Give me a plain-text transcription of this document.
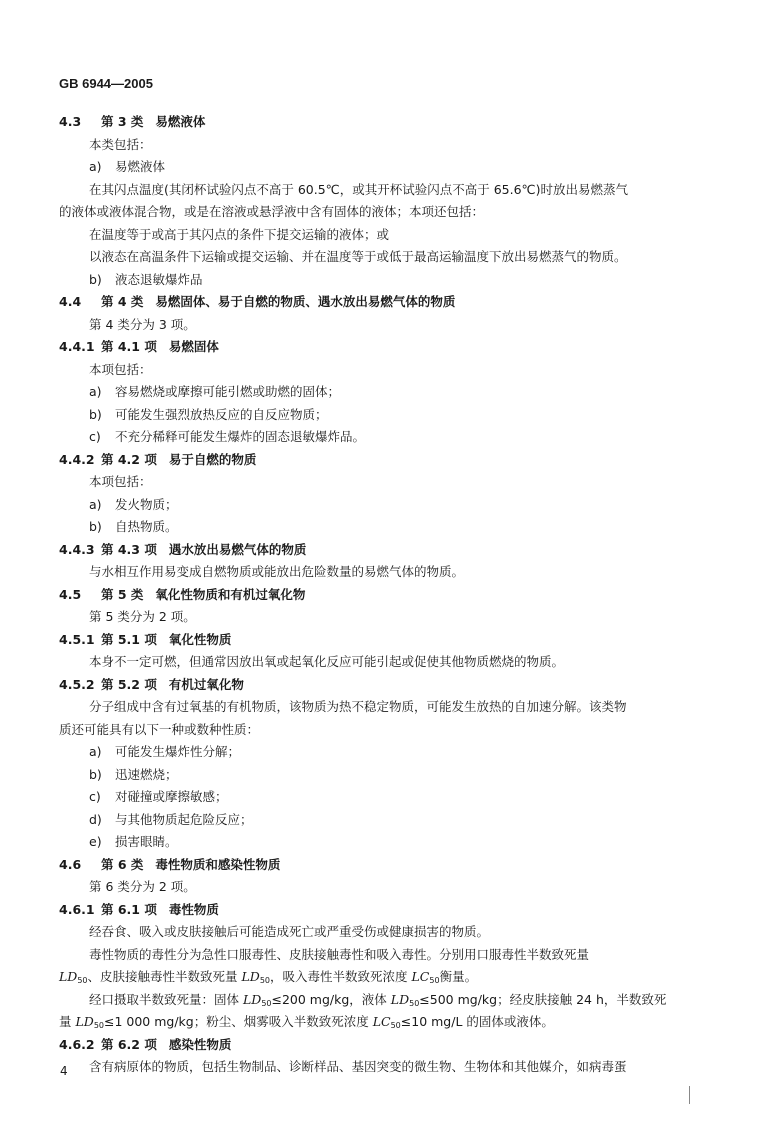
GB 6944—2005
4.3 第 3 类 易燃液体
本类包括：
a) 易燃液体
在其闪点温度(其闭杯试验闪点不高于 60.5℃，或其开杯试验闪点不高于 65.6℃)时放出易燃蒸气
的液体或液体混合物，或是在溶液或悬浮液中含有固体的液体；本项还包括：
在温度等于或高于其闪点的条件下提交运输的液体；或
以液态在高温条件下运输或提交运输、并在温度等于或低于最高运输温度下放出易燃蒸气的物质。
b) 液态退敏爆炸品
4.4 第 4 类 易燃固体、易于自燃的物质、遇水放出易燃气体的物质
第 4 类分为 3 项。
4.4.1 第 4.1 项 易燃固体
本项包括：
a) 容易燃烧或摩擦可能引燃或助燃的固体；
b) 可能发生强烈放热反应的自反应物质；
c) 不充分稀释可能发生爆炸的固态退敏爆炸品。
4.4.2 第 4.2 项 易于自燃的物质
本项包括：
a) 发火物质；
b) 自热物质。
4.4.3 第 4.3 项 遇水放出易燃气体的物质
与水相互作用易变成自燃物质或能放出危险数量的易燃气体的物质。
4.5 第 5 类 氧化性物质和有机过氧化物
第 5 类分为 2 项。
4.5.1 第 5.1 项 氧化性物质
本身不一定可燃，但通常因放出氧或起氧化反应可能引起或促使其他物质燃烧的物质。
4.5.2 第 5.2 项 有机过氧化物
分子组成中含有过氧基的有机物质，该物质为热不稳定物质，可能发生放热的自加速分解。该类物
质还可能具有以下一种或数种性质：
a) 可能发生爆炸性分解；
b) 迅速燃烧；
c) 对碰撞或摩擦敏感；
d) 与其他物质起危险反应；
e) 损害眼睛。
4.6 第 6 类 毒性物质和感染性物质
第 6 类分为 2 项。
4.6.1 第 6.1 项 毒性物质
经吞食、吸入或皮肤接触后可能造成死亡或严重受伤或健康损害的物质。
毒性物质的毒性分为急性口服毒性、皮肤接触毒性和吸入毒性。分别用口服毒性半数致死量
$LD_{50}$、皮肤接触毒性半数致死量 $LD_{50}$，吸入毒性半数致死浓度 $LC_{50}$衡量。
经口摄取半数致死量：固体 $LD_{50}\le 200$ mg/kg，液体 $LD_{50}\le 500$ mg/kg；经皮肤接触 24 h，半数致死
量 $LD_{50}\le 1$ 000 mg/kg；粉尘、烟雾吸入半数致死浓度 $LC_{50}\le 10$ mg/L 的固体或液体。
4.6.2 第 6.2 项 感染性物质
含有病原体的物质，包括生物制品、诊断样品、基因突变的微生物、生物体和其他媒介，如病毒蛋
4
